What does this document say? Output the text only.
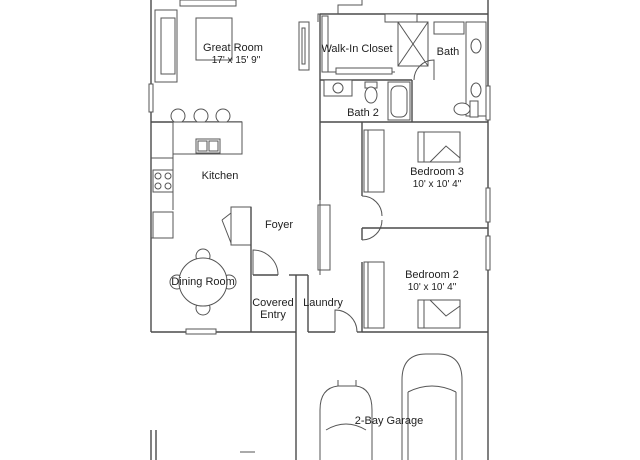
Great Room
17' x 15' 9"
Kitchen
Dining Room
Foyer
Covered
Entry
Laundry
Bath 2
Walk-In Closet	Bath
Bedroom 3
10' x 10' 4"
Bedroom 2
10' x 10' 4"
2-Bay Garage
